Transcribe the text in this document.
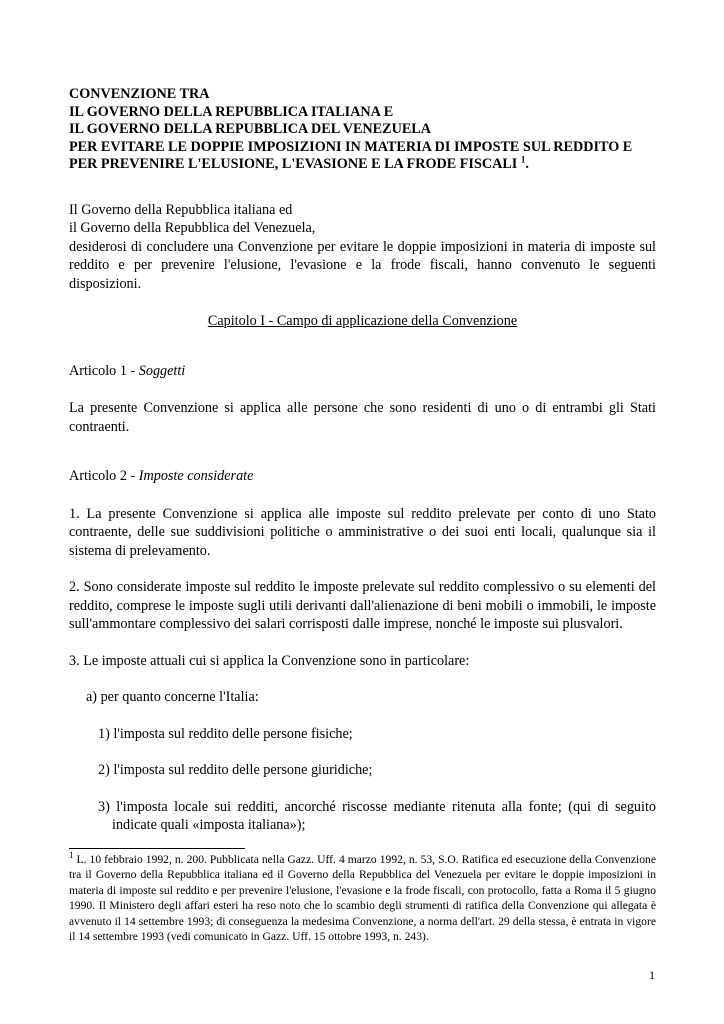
CONVENZIONE TRA
IL GOVERNO DELLA REPUBBLICA ITALIANA E
IL GOVERNO DELLA REPUBBLICA DEL VENEZUELA
PER EVITARE LE DOPPIE IMPOSIZIONI IN MATERIA DI IMPOSTE SUL REDDITO E
PER PREVENIRE L'ELUSIONE, L'EVASIONE E LA FRODE FISCALI $^1$.

Il Governo della Repubblica italiana ed

il Governo della Repubblica del Venezuela,

desiderosi di concludere una Convenzione per evitare le doppie imposizioni in materia di imposte sul reddito e per prevenire l'elusione, l'evasione e la frode fiscali, hanno convenuto le seguenti disposizioni.

Capitolo I - Campo di applicazione della Convenzione

Articolo 1 - Soggetti

La presente Convenzione si applica alle persone che sono residenti di uno o di entrambi gli Stati contraenti.

Articolo 2 - Imposte considerate

1. La presente Convenzione si applica alle imposte sul reddito prelevate per conto di uno Stato contraente, delle sue suddivisioni politiche o amministrative o dei suoi enti locali, qualunque sia il sistema di prelevamento.

2. Sono considerate imposte sul reddito le imposte prelevate sul reddito complessivo o su elementi del reddito, comprese le imposte sugli utili derivanti dall'alienazione di beni mobili o immobili, le imposte sull'ammontare complessivo dei salari corrisposti dalle imprese, nonché le imposte sui plusvalori.

3. Le imposte attuali cui si applica la Convenzione sono in particolare:

a) per quanto concerne l'Italia:

1) l'imposta sul reddito delle persone fisiche;

2) l'imposta sul reddito delle persone giuridiche;

3) l'imposta locale sui redditi, ancorché riscosse mediante ritenuta alla fonte; (qui di seguito indicate quali «imposta italiana»);

$^1$ L. 10 febbraio 1992, n. 200. Pubblicata nella Gazz. Uff. 4 marzo 1992, n. 53, S.O. Ratifica ed esecuzione della Convenzione tra il Governo della Repubblica italiana ed il Governo della Repubblica del Venezuela per evitare le doppie imposizioni in materia di imposte sul reddito e per prevenire l'elusione, l'evasione e la frode fiscali, con protocollo, fatta a Roma il 5 giugno 1990. Il Ministero degli affari esteri ha reso noto che lo scambio degli strumenti di ratifica della Convenzione qui allegata è avvenuto il 14 settembre 1993; di conseguenza la medesima Convenzione, a norma dell'art. 29 della stessa, è entrata in vigore il 14 settembre 1993 (vedi comunicato in Gazz. Uff. 15 ottobre 1993, n. 243).
1
